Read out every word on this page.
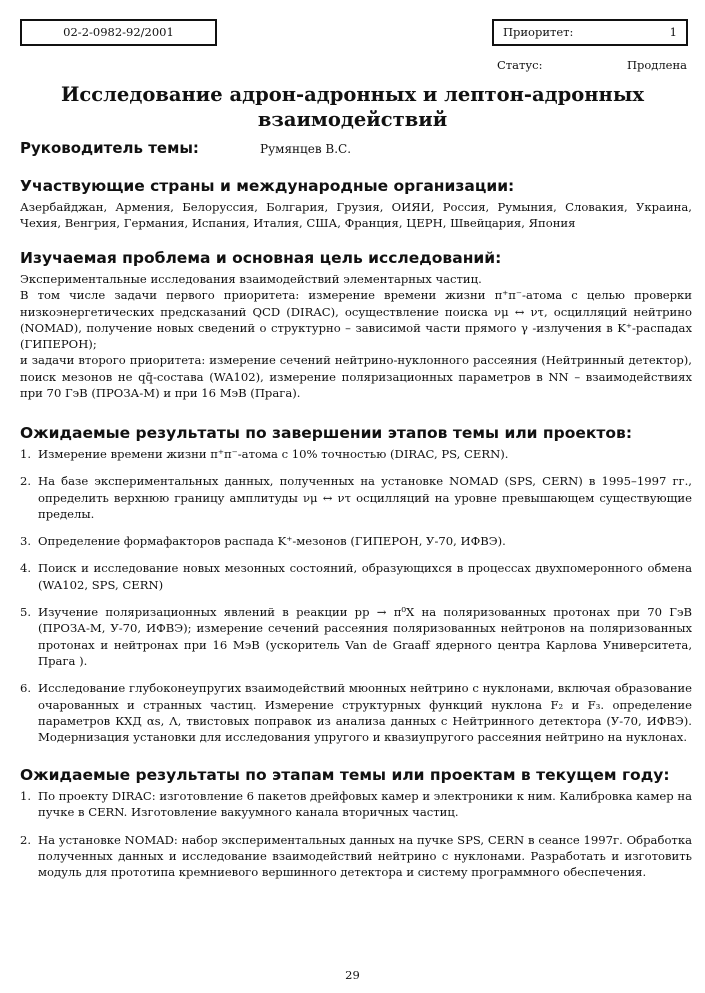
02-2-0982-92/2001	Приоритет:	1
Статус:	Продлена
Исследование адрон-адронных и лептон-адронных взаимодействий
Руководитель темы:	Румянцев В.С.
Участвующие страны и международные организации:
Азербайджан, Армения, Белоруссия, Болгария, Грузия, ОИЯИ, Россия, Румыния, Словакия, Украина, Чехия, Венгрия, Германия, Испания, Италия, США, Франция, ЦЕРН, Швейцария, Япония
Изучаемая проблема и основная цель исследований:
Экспериментальные исследования взаимодействий элементарных частиц.
В том числе задачи первого приоритета: измерение времени жизни π⁺π⁻-атома с целью проверки низкоэнергетических предсказаний QCD (DIRAC), осуществление поиска νμ ↔ ντ, осцилляций нейтрино (NOMAD), получение новых сведений о структурно – зависимой части прямого γ -излучения в K⁺-распадах (ГИПЕРОН);
и задачи второго приоритета: измерение сечений нейтрино-нуклонного рассеяния (Нейтринный детектор), поиск мезонов не qq̄-состава (WA102), измерение поляризационных параметров в NN – взаимодействиях при 70 ГэВ (ПРОЗА-М) и при 16 МэВ (Прага).
Ожидаемые результаты по завершении этапов темы или проектов:
1. Измерение времени жизни π⁺π⁻-атома с 10% точностью (DIRAC, PS, CERN).
2. На базе экспериментальных данных, полученных на установке NOMAD (SPS, CERN) в 1995–1997 гг., определить верхнюю границу амплитуды νμ ↔ ντ осцилляций на уровне превышающем существующие пределы.
3. Определение формафакторов распада K⁺-мезонов (ГИПЕРОН, У-70, ИФВЭ).
4. Поиск и исследование новых мезонных состояний, образующихся в процессах двухпомеронного обмена (WA102, SPS, CERN)
5. Изучение поляризационных явлений в реакции pp → π⁰X на поляризованных протонах при 70 ГэВ (ПРОЗА-М, У-70, ИФВЭ); измерение сечений рассеяния поляризованных нейтронов на поляризованных протонах и нейтронах при 16 МэВ (ускоритель Van de Graaff ядерного центра Карлова Университета, Прага ).
6. Исследование глубоконеупругих взаимодействий мюонных нейтрино с нуклонами, включая образование очарованных и странных частиц. Измерение структурных функций нуклона F₂ и F₃. определение параметров КХД αs, Λ, твистовых поправок из анализа данных с Нейтринного детектора (У-70, ИФВЭ). Модернизация установки для исследования упругого и квазиупругого рассеяния нейтрино на нуклонах.
Ожидаемые результаты по этапам темы или проектам в текущем году:
1. По проекту DIRAC: изготовление 6 пакетов дрейфовых камер и электроники к ним. Калибровка камер на пучке в CERN. Изготовление вакуумного канала вторичных частиц.
2. На установке NOMAD: набор экспериментальных данных на пучке SPS, CERN в сеансе 1997г. Обработка полученных данных и исследование взаимодействий нейтрино с нуклонами. Разработать и изготовить модуль для прототипа кремниевого вершинного детектора и систему программного обеспечения.
29
